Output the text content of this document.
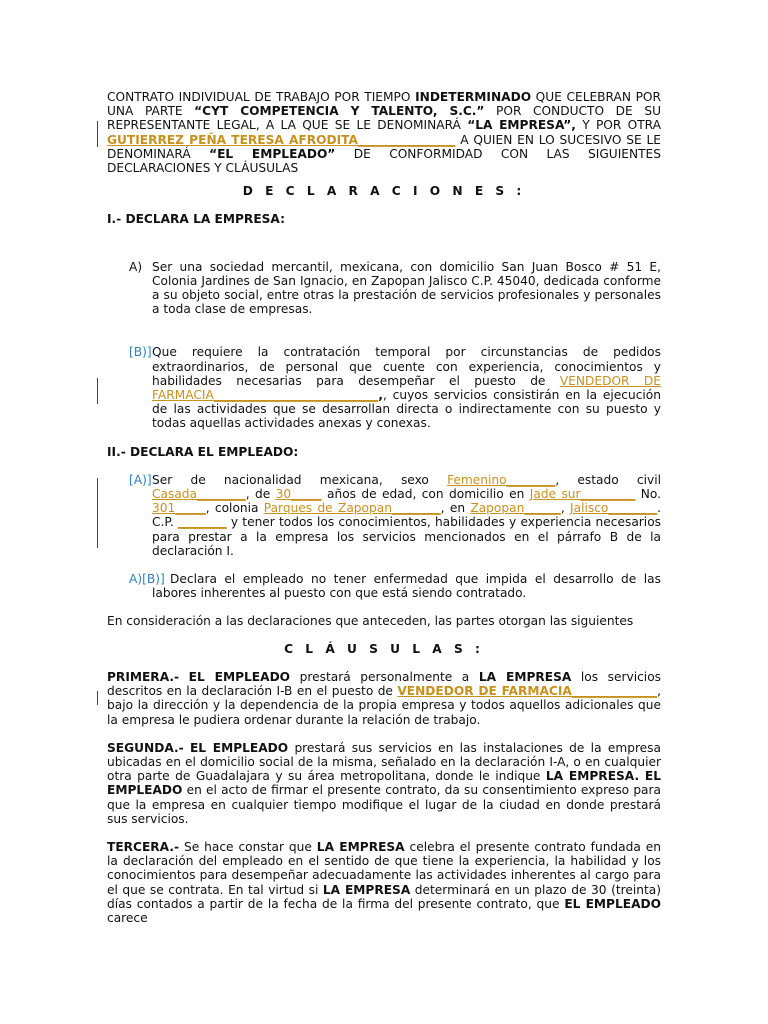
CONTRATO INDIVIDUAL DE TRABAJO POR TIEMPO INDETERMINADO QUE CELEBRAN POR UNA PARTE “CYT COMPETENCIA Y TALENTO, S.C.” POR CONDUCTO DE SU REPRESENTANTE LEGAL, A LA QUE SE LE DENOMINARÁ “LA EMPRESA”, Y POR OTRA GUTIERREZ PEÑA TERESA AFRODITA________________ A QUIEN EN LO SUCESIVO SE LE DENOMINARÁ “EL EMPLEADO” DE CONFORMIDAD CON LAS SIGUIENTES DECLARACIONES Y CLÁUSULAS

D E C L A R A C I O N E S :

I.- DECLARA LA EMPRESA:

A) Ser una sociedad mercantil, mexicana, con domicilio San Juan Bosco # 51 E, Colonia Jardines de San Ignacio, en Zapopan Jalisco C.P. 45040, dedicada conforme a su objeto social, entre otras la prestación de servicios profesionales y personales a toda clase de empresas.
[B)] Que requiere la contratación temporal por circunstancias de pedidos extraordinarios, de personal que cuente con experiencia, conocimientos y habilidades necesarias para desempeñar el puesto de VENDEDOR DE FARMACIA___________________________,, cuyos servicios consistirán en la ejecución de las actividades que se desarrollan directa o indirectamente con su puesto y todas aquellas actividades anexas y conexas.

II.- DECLARA EL EMPLEADO:

[A)] Ser de nacionalidad mexicana, sexo Femenino________, estado civil Casada________, de 30_____ años de edad, con domicilio en Jade sur_________ No. 301_____, colonia Parques de Zapopan________, en Zapopan______, Jalisco________. C.P. ________ y tener todos los conocimientos, habilidades y experiencia necesarios para prestar a la empresa los servicios mencionados en el párrafo B de la declaración I.
A)[B)] Declara el empleado no tener enfermedad que impida el desarrollo de las labores inherentes al puesto con que está siendo contratado.

En consideración a las declaraciones que anteceden, las partes otorgan las siguientes

C L Á U S U L A S :

PRIMERA.- EL EMPLEADO prestará personalmente a LA EMPRESA los servicios descritos en la declaración I-B en el puesto de VENDEDOR DE FARMACIA______________, bajo la dirección y la dependencia de la propia empresa y todos aquellos adicionales que la empresa le pudiera ordenar durante la relación de trabajo.

SEGUNDA.- EL EMPLEADO prestará sus servicios en las instalaciones de la empresa ubicadas en el domicilio social de la misma, señalado en la declaración I-A, o en cualquier otra parte de Guadalajara y su área metropolitana, donde le indique LA EMPRESA. EL EMPLEADO en el acto de firmar el presente contrato, da su consentimiento expreso para que la empresa en cualquier tiempo modifique el lugar de la ciudad en donde prestará sus servicios.

TERCERA.- Se hace constar que LA EMPRESA celebra el presente contrato fundada en la declaración del empleado en el sentido de que tiene la experiencia, la habilidad y los conocimientos para desempeñar adecuadamente las actividades inherentes al cargo para el que se contrata. En tal virtud si LA EMPRESA determinará en un plazo de 30 (treinta) días contados a partir de la fecha de la firma del presente contrato, que EL EMPLEADO carece
